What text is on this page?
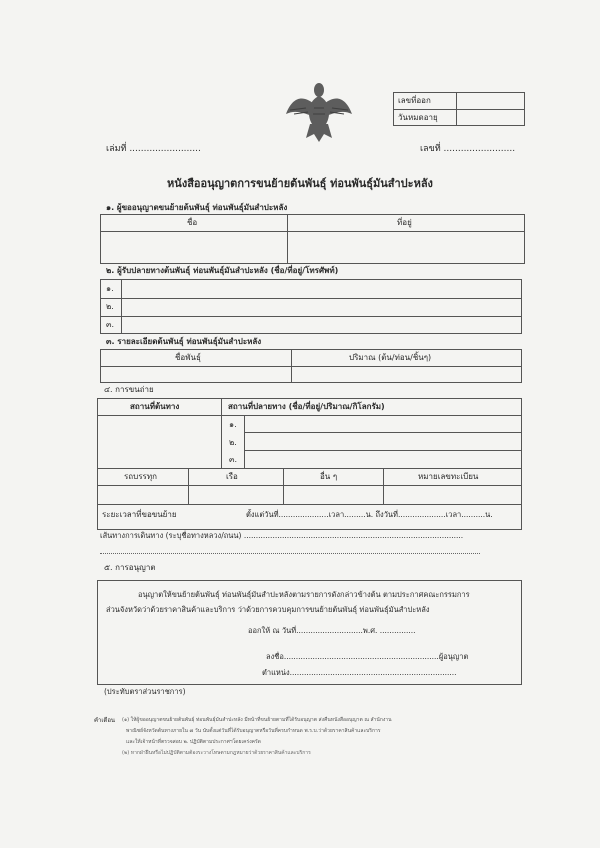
เลขที่ออก
วันหมดอายุ
เล่มที่ .........................	เลขที่ .........................
หนังสืออนุญาตการขนย้ายต้นพันธุ์ ท่อนพันธุ์มันสำปะหลัง
๑. ผู้ขออนุญาตขนย้ายต้นพันธุ์ ท่อนพันธุ์มันสำปะหลัง
ชื่อ	ที่อยู่
๒. ผู้รับปลายทางต้นพันธุ์ ท่อนพันธุ์มันสำปะหลัง (ชื่อ/ที่อยู่/โทรศัพท์)
๑.
๒.
๓.
๓. รายละเอียดต้นพันธุ์ ท่อนพันธุ์มันสำปะหลัง
ชื่อพันธุ์	ปริมาณ (ต้น/ท่อน/ชิ้นๆ)
๔. การขนถ่าย
สถานที่ต้นทาง	สถานที่ปลายทาง (ชื่อ/ที่อยู่/ปริมาณ/กิโลกรัม)
๑.
๒.
๓.
รถบรรทุก	เรือ	อื่น ๆ	หมายเลขทะเบียน
ระยะเวลาที่ขอขนย้าย	ตั้งแต่วันที่.....................เวลา.........น. ถึงวันที่....................เวลา..........น.
เส้นทางการเดินทาง (ระบุชื่อทางหลวง/ถนน) ............................................................................................
๕. การอนุญาต
อนุญาตให้ขนย้ายต้นพันธุ์ ท่อนพันธุ์มันสำปะหลังตามรายการดังกล่าวข้างต้น ตามประกาศคณะกรรมการ
ส่วนจังหวัดว่าด้วยราคาสินค้าและบริการ ว่าด้วยการควบคุมการขนย้ายต้นพันธุ์ ท่อนพันธุ์มันสำปะหลัง
ออกให้ ณ วันที่............................พ.ศ. ...............
ลงชื่อ.................................................................ผู้อนุญาต
ตำแหน่ง......................................................................
(ประทับตราส่วนราชการ)
คำเตือน (๑) ให้ผู้ขออนุญาตขนย้ายต้นพันธุ์ ท่อนพันธุ์มันสำปะหลัง มีหน้าที่ขนย้ายตามที่ได้รับอนุญาต ส่งคืนหนังสืออนุญาต ณ สำนักงาน
พาณิชย์จังหวัดต้นทางภายใน ๗ วัน นับตั้งแต่วันที่ได้รับอนุญาตหรือวันที่ครบกำหนด พ.ร.บ.ว่าด้วยราคาสินค้าและบริการ
และให้เจ้าหน้าที่ตรวจสอบ ๒. ปฏิบัติตามประกาศฯโดยเคร่งครัด
(๒) หากฝ่าฝืนหรือไม่ปฏิบัติตามต้องระวางโทษตามกฎหมายว่าด้วยราคาสินค้าและบริการ
